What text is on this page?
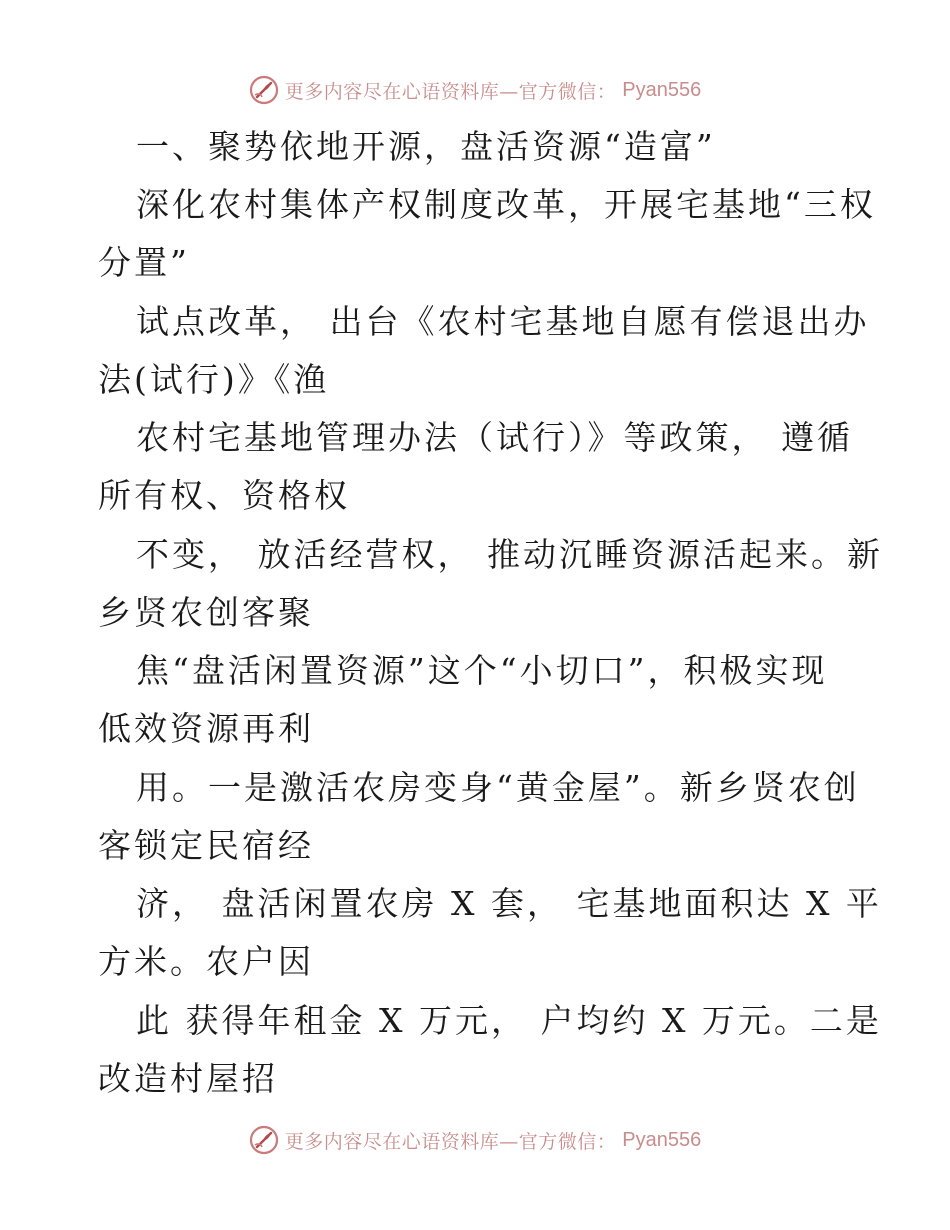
更多内容尽在心语资料库—官方微信： Pyan556
一、聚势依地开源，盘活资源“造富”
深化农村集体产权制度改革，开展宅基地“三权
分置”
试点改革， 出台《农村宅基地自愿有偿退出办
法(试行)》《渔
农村宅基地管理办法（试行）》等政策， 遵循
所有权、资格权
不变， 放活经营权， 推动沉睡资源活起来。新
乡贤农创客聚
焦“盘活闲置资源”这个“小切口”，积极实现
低效资源再利
用。一是激活农房变身“黄金屋”。新乡贤农创
客锁定民宿经
济， 盘活闲置农房 X 套， 宅基地面积达 X 平
方米。农户因
此 获得年租金 X 万元， 户均约 X 万元。二是
改造村屋招
更多内容尽在心语资料库—官方微信： Pyan556
